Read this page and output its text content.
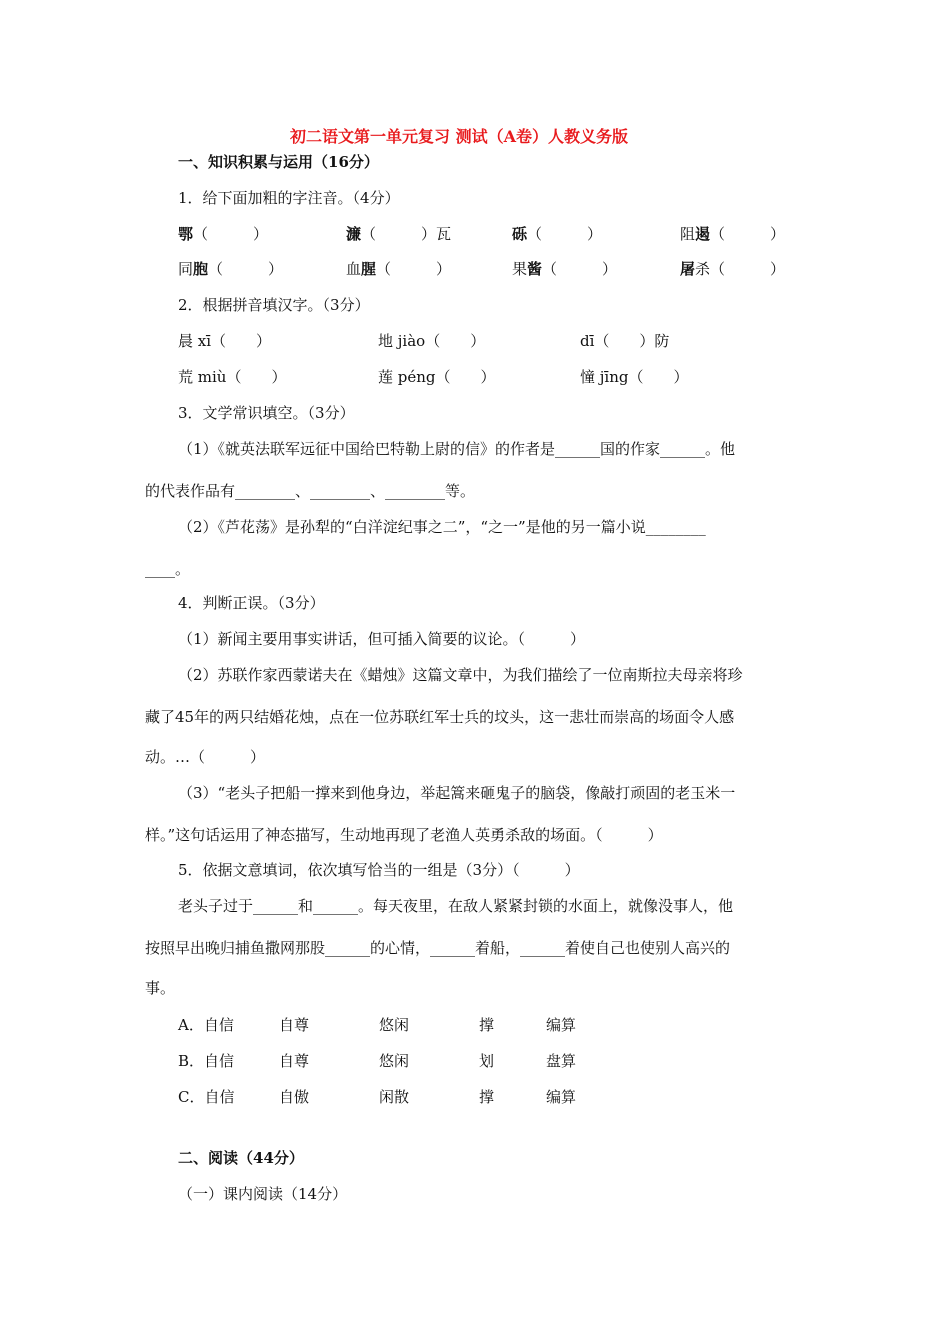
初二语文第一单元复习 测试（A卷）人教义务版
一、知识积累与运用（16分）
1．给下面加粗的字注音。（4分）
鄂（　　　）	濂（　　　）瓦	砾（　　　）	阻遏（　　　）
同胞（　　　）	血腥（　　　）	果酱（　　　）	屠杀（　　　）
2．根据拼音填汉字。（3分）
晨 xī（　　）	地 jiào（　　）	dī（　　）防
荒 miù（　　）	莲 péng（　　）	憧 jīng（　　）
3．文学常识填空。（3分）
（1）《就英法联军远征中国给巴特勒上尉的信》的作者是______国的作家______。他
的代表作品有________、________、________等。
（2）《芦花荡》是孙犁的“白洋淀纪事之二”，“之一”是他的另一篇小说________
____。
4．判断正误。（3分）
（1）新闻主要用事实讲话，但可插入简要的议论。（　　　）
（2）苏联作家西蒙诺夫在《蜡烛》这篇文章中，为我们描绘了一位南斯拉夫母亲将珍
藏了45年的两只结婚花烛，点在一位苏联红军士兵的坟头，这一悲壮而崇高的场面令人感
动。…（　　　）
（3）“老头子把船一撑来到他身边，举起篙来砸鬼子的脑袋，像敲打顽固的老玉米一
样。”这句话运用了神态描写，生动地再现了老渔人英勇杀敌的场面。（　　　）
5．依据文意填词，依次填写恰当的一组是（3分）（　　　）
老头子过于______和______。每天夜里，在敌人紧紧封锁的水面上，就像没事人，他
按照早出晚归捕鱼撒网那股______的心情，______着船，______着使自己也使别人高兴的
事。
A．自信	自尊	悠闲	撑	编算
B．自信	自尊	悠闲	划	盘算
C．自信	自傲	闲散	撑	编算
二、阅读（44分）
（一）课内阅读（14分）
